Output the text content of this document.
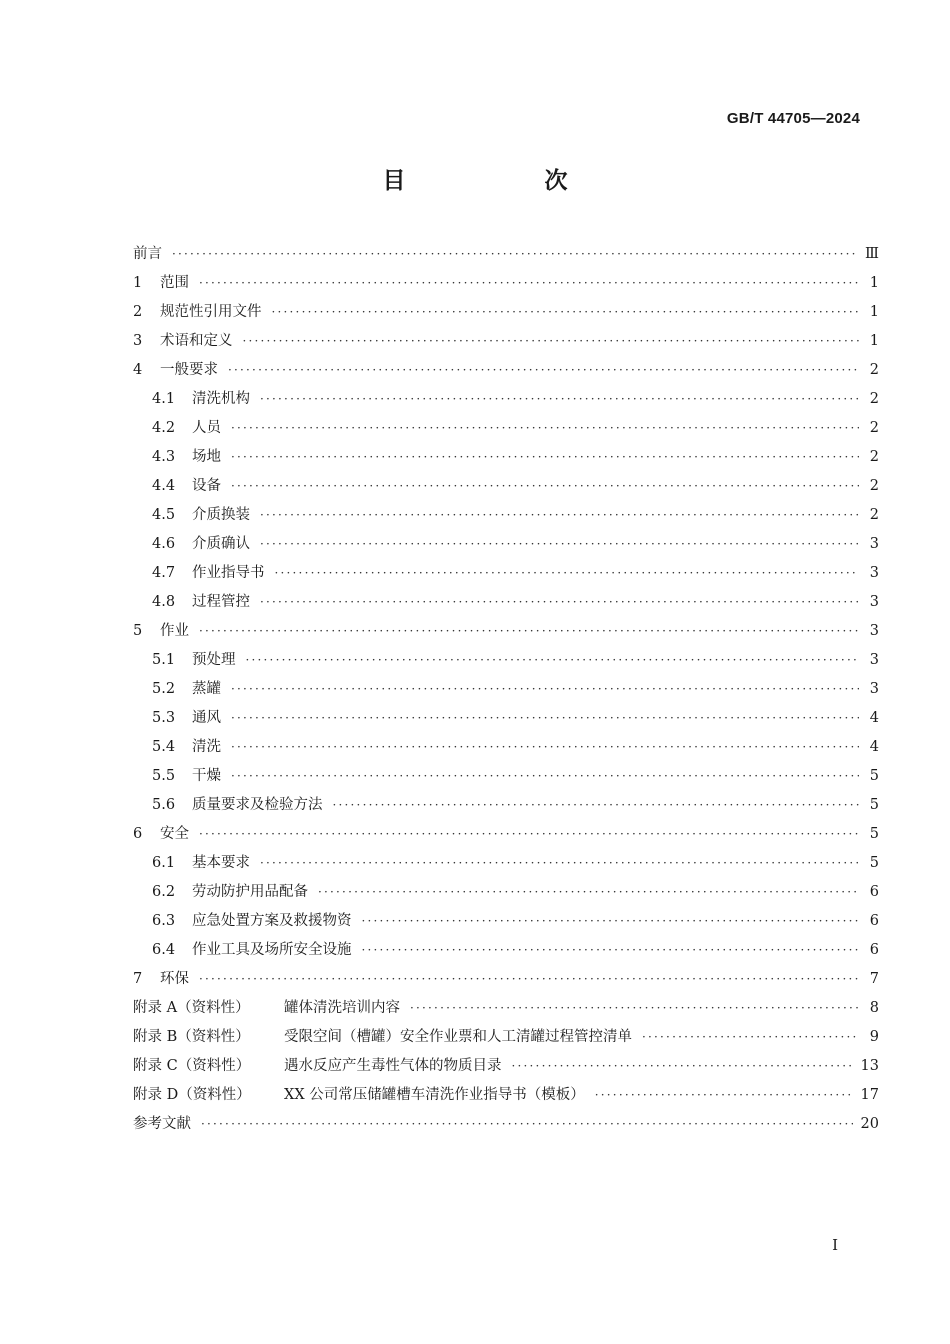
GB/T 44705—2024
目　次
前言 ·····	Ⅲ
1	范围 ·····	1
2	规范性引用文件 ·····	1
3	术语和定义 ·····	1
4	一般要求 ·····	2
4.1	清洗机构 ·····	2
4.2	人员 ·····	2
4.3	场地 ·····	2
4.4	设备 ·····	2
4.5	介质换装 ·····	2
4.6	介质确认 ·····	3
4.7	作业指导书 ·····	3
4.8	过程管控 ·····	3
5	作业 ·····	3
5.1	预处理 ·····	3
5.2	蒸罐 ·····	3
5.3	通风 ·····	4
5.4	清洗 ·····	4
5.5	干燥 ·····	5
5.6	质量要求及检验方法 ·····	5
6	安全 ·····	5
6.1	基本要求 ·····	5
6.2	劳动防护用品配备 ·····	6
6.3	应急处置方案及救援物资 ·····	6
6.4	作业工具及场所安全设施 ·····	6
7	环保 ·····	7
附录 A（资料性）	罐体清洗培训内容 ·····	8
附录 B（资料性）	受限空间（槽罐）安全作业票和人工清罐过程管控清单 ·····	9
附录 C（资料性）	遇水反应产生毒性气体的物质目录 ·····	13
附录 D（资料性）	XX 公司常压储罐槽车清洗作业指导书（模板） ·····	17
参考文献 ·····	20
I
